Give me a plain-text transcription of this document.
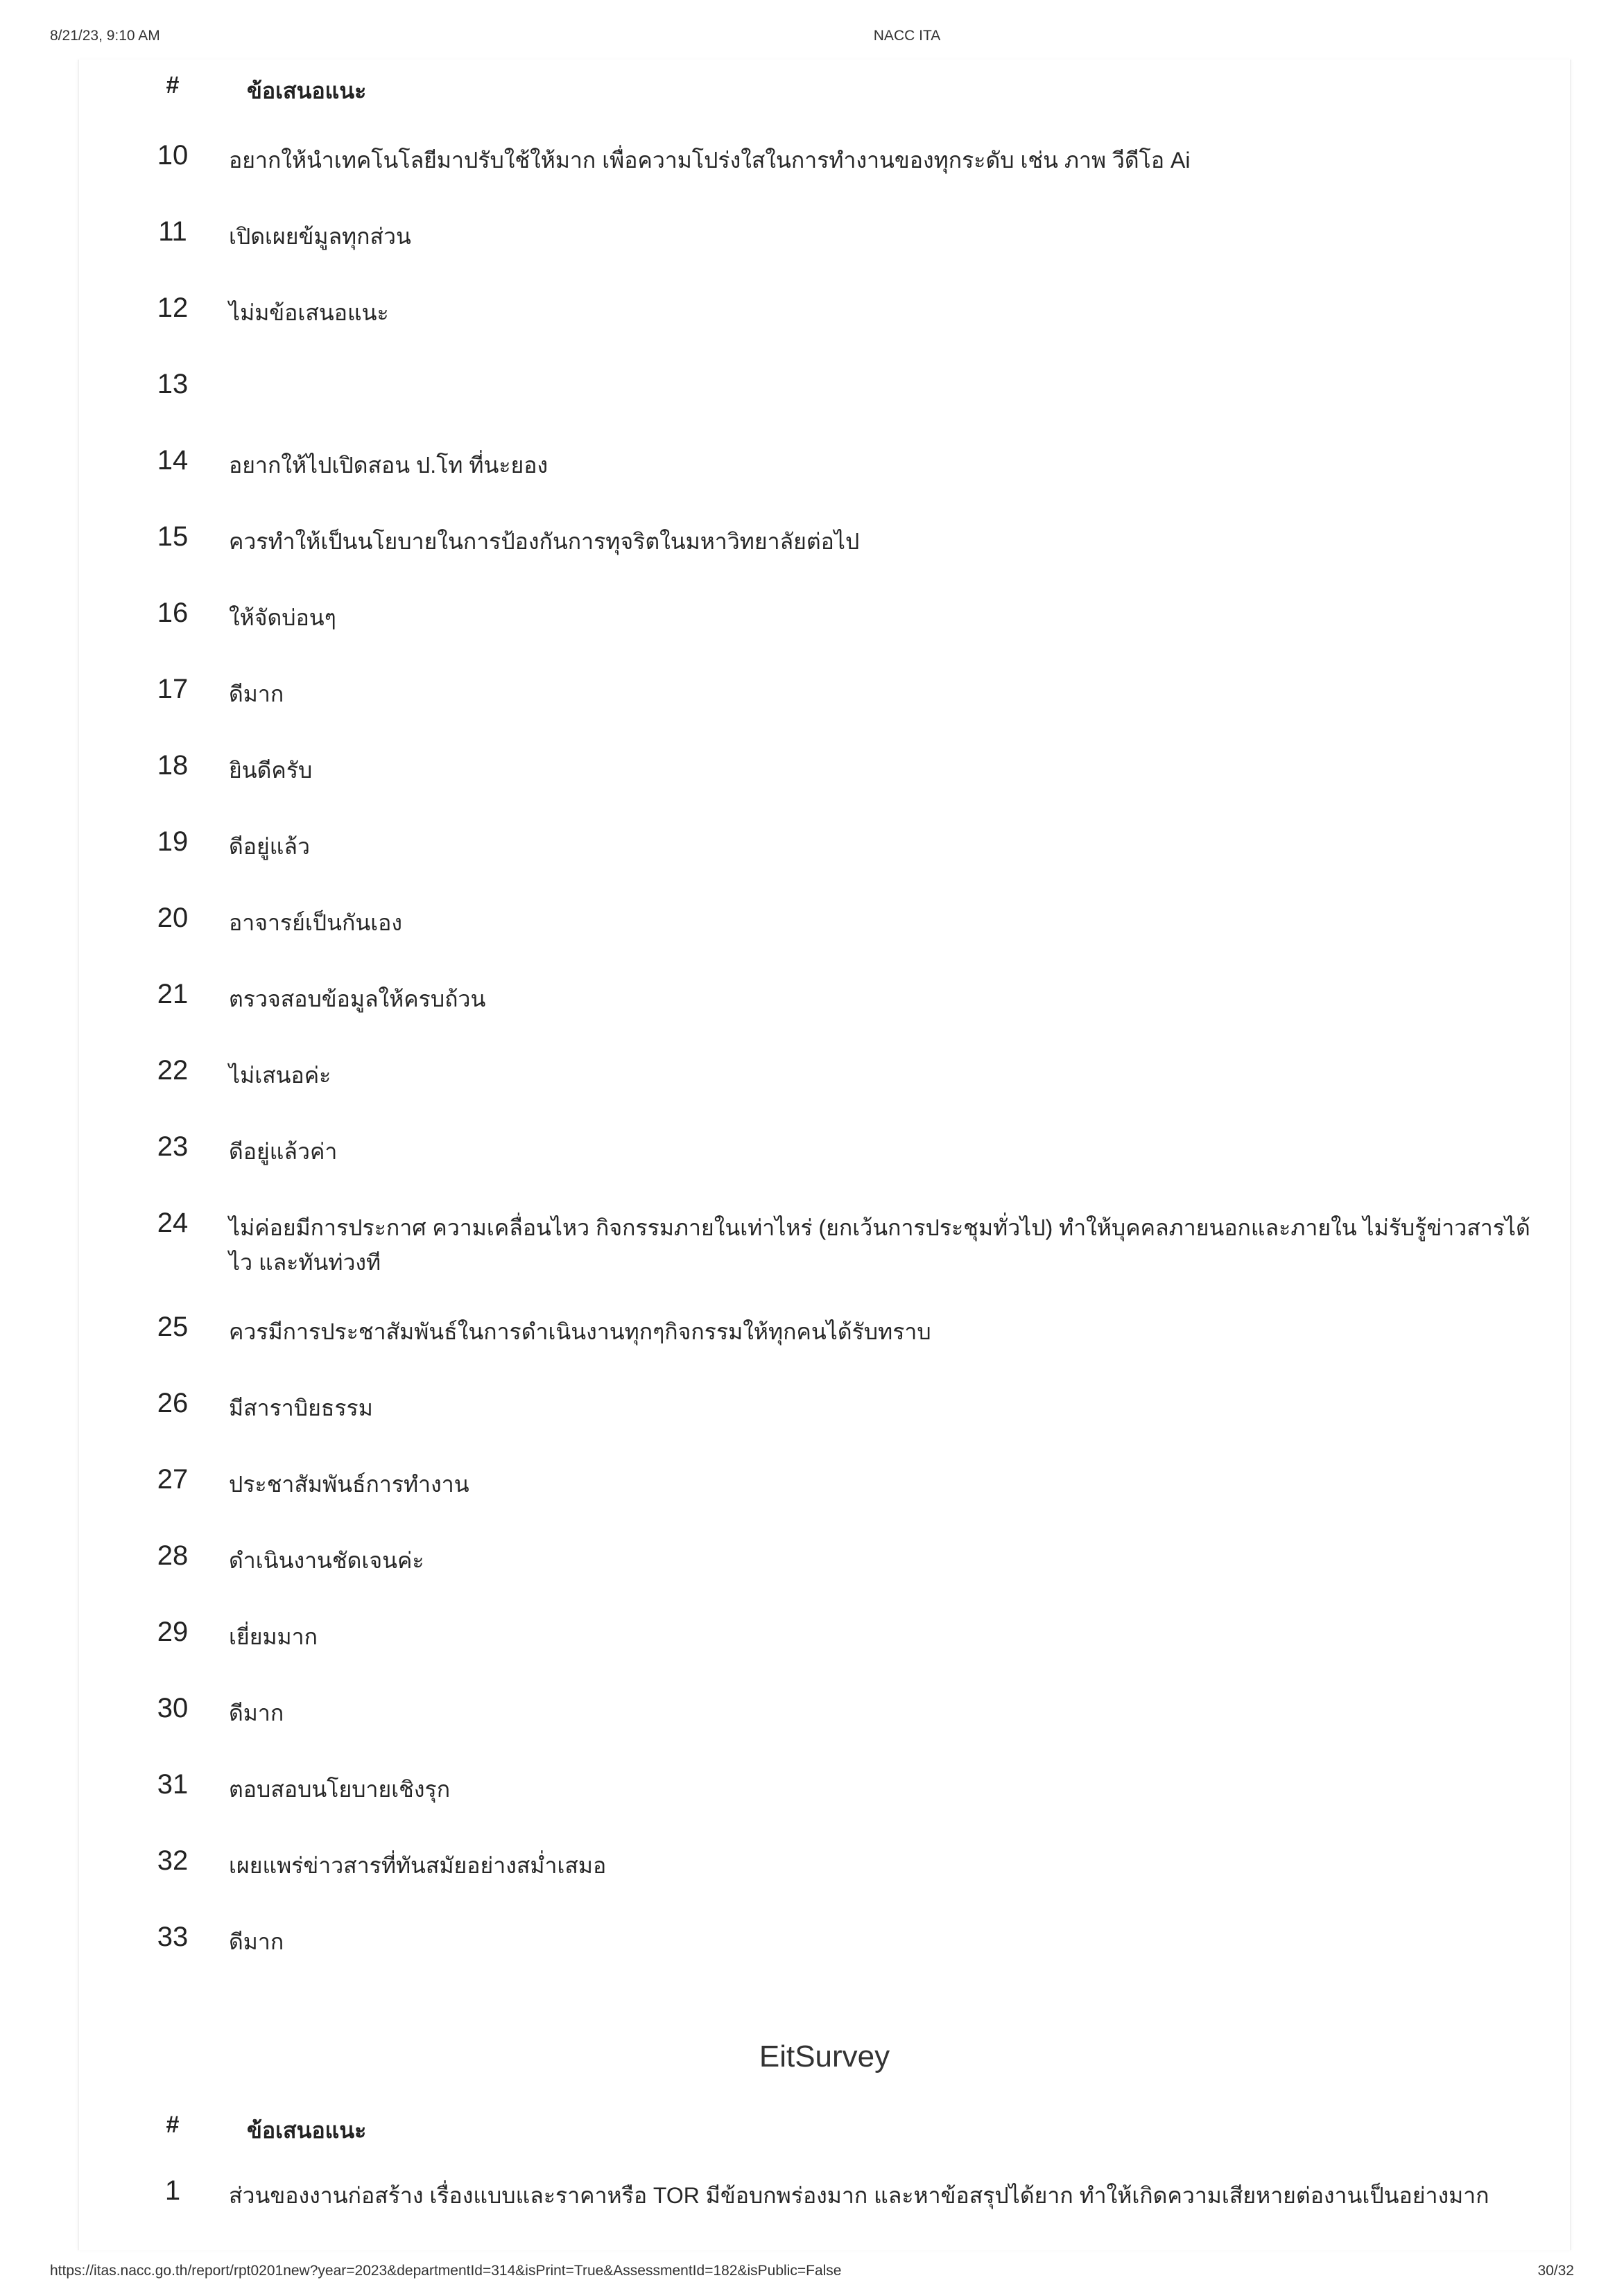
8/21/23, 9:10 AM	NACC ITA
#	ข้อเสนอแนะ
10	อยากให้นำเทคโนโลยีมาปรับใช้ให้มาก เพื่อความโปร่งใสในการทำงานของทุกระดับ เช่น ภาพ วีดีโอ Ai
11	เปิดเผยข้มูลทุกส่วน
12	ไม่มข้อเสนอแนะ
13
14	อยากให้ไปเปิดสอน ป.โท ที่นะยอง
15	ควรทำให้เป็นนโยบายในการป้องกันการทุจริตในมหาวิทยาลัยต่อไป
16	ให้จัดบ่อนๆ
17	ดีมาก
18	ยินดีครับ
19	ดีอยู่แล้ว
20	อาจารย์เป็นกันเอง
21	ตรวจสอบข้อมูลให้ครบถ้วน
22	ไม่เสนอค่ะ
23	ดีอยู่แล้วค่า
24	ไม่ค่อยมีการประกาศ ความเคลื่อนไหว กิจกรรมภายในเท่าไหร่ (ยกเว้นการประชุมทั่วไป) ทำให้บุคคลภายนอกและภายใน ไม่รับรู้ข่าวสารได้ไว และทันท่วงที
25	ควรมีการประชาสัมพันธ์ในการดำเนินงานทุกๆกิจกรรมให้ทุกคนได้รับทราบ
26	มีสาราบิยธรรม
27	ประชาสัมพันธ์การทำงาน
28	ดำเนินงานชัดเจนค่ะ
29	เยี่ยมมาก
30	ดีมาก
31	ตอบสอบนโยบายเชิงรุก
32	เผยแพร่ข่าวสารที่ทันสมัยอย่างสม่ำเสมอ
33	ดีมาก
EitSurvey
#	ข้อเสนอแนะ
1	ส่วนของงานก่อสร้าง เรื่องแบบและราคาหรือ TOR มีข้อบกพร่องมาก และหาข้อสรุปได้ยาก ทำให้เกิดความเสียหายต่องานเป็นอย่างมาก
https://itas.nacc.go.th/report/rpt0201new?year=2023&departmentId=314&isPrint=True&AssessmentId=182&isPublic=False	30/32
